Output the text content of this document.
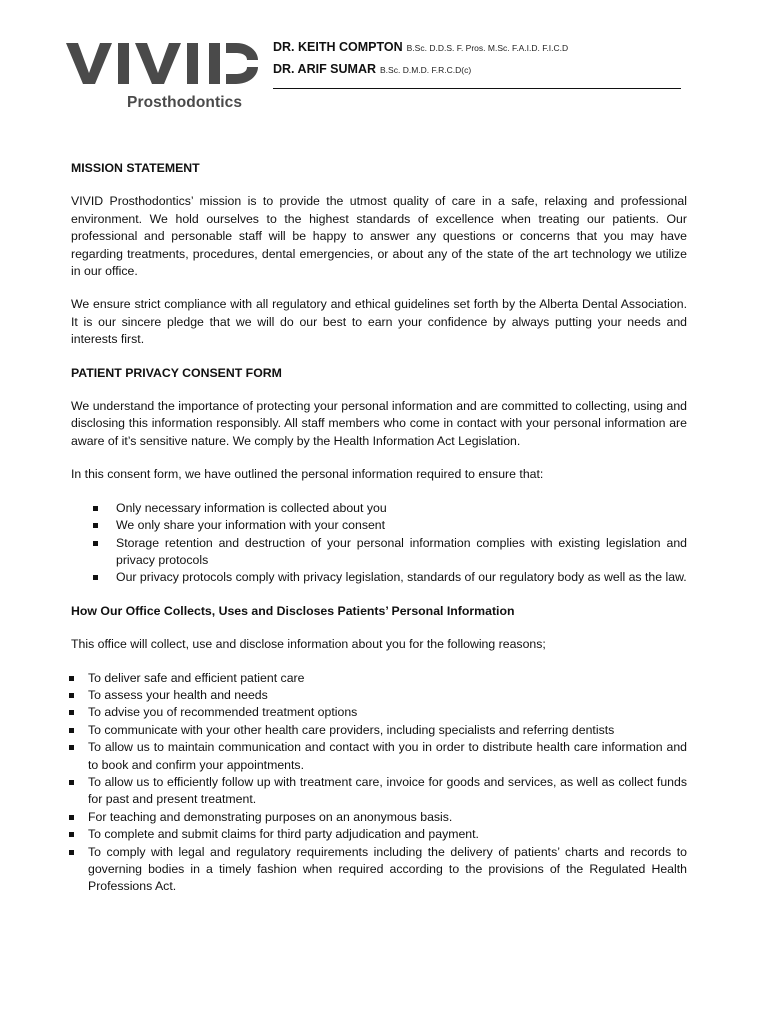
Prosthodontics
DR. KEITH COMPTON B.Sc. D.D.S. F. Pros. M.Sc. F.A.I.D. F.I.C.D
DR. ARIF SUMAR B.Sc. D.M.D. F.R.C.D(c)
MISSION STATEMENT

VIVID Prosthodontics’ mission is to provide the utmost quality of care in a safe, relaxing and professional environment. We hold ourselves to the highest standards of excellence when treating our patients. Our professional and personable staff will be happy to answer any questions or concerns that you may have regarding treatments, procedures, dental emergencies, or about any of the state of the art technology we utilize in our office.

We ensure strict compliance with all regulatory and ethical guidelines set forth by the Alberta Dental Association. It is our sincere pledge that we will do our best to earn your confidence by always putting your needs and interests first.

PATIENT PRIVACY CONSENT FORM

We understand the importance of protecting your personal information and are committed to collecting, using and disclosing this information responsibly. All staff members who come in contact with your personal information are aware of it’s sensitive nature. We comply by the Health Information Act Legislation.

In this consent form, we have outlined the personal information required to ensure that:

Only necessary information is collected about you
We only share your information with your consent
Storage retention and destruction of your personal information complies with existing legislation and privacy protocols
Our privacy protocols comply with privacy legislation, standards of our regulatory body as well as the law.
How Our Office Collects, Uses and Discloses Patients’ Personal Information

This office will collect, use and disclose information about you for the following reasons;

To deliver safe and efficient patient care
To assess your health and needs
To advise you of recommended treatment options
To communicate with your other health care providers, including specialists and referring dentists
To allow us to maintain communication and contact with you in order to distribute health care information and to book and confirm your appointments.
To allow us to efficiently follow up with treatment care, invoice for goods and services, as well as collect funds for past and present treatment.
For teaching and demonstrating purposes on an anonymous basis.
To complete and submit claims for third party adjudication and payment.
To comply with legal and regulatory requirements including the delivery of patients’ charts and records to governing bodies in a timely fashion when required according to the provisions of the Regulated Health Professions Act.
